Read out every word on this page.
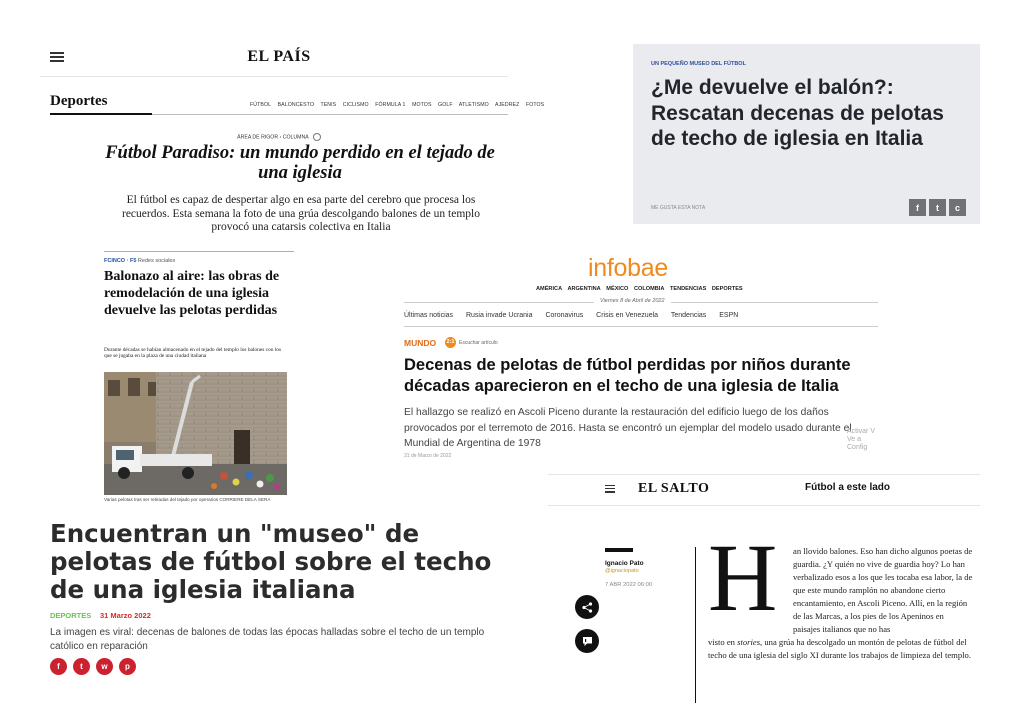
EL PAÍS
Deportes	FÚTBOL BALONCESTO TENIS CICLISMO FÓRMULA 1 MOTOS GOLF ATLETISMO AJEDREZ FOTOS
ÁREA DE RIGOR › COLUMNA
Fútbol Paradiso: un mundo perdido en el tejado de una iglesia
El fútbol es capaz de despertar algo en esa parte del cerebro que procesa los recuerdos. Esta semana la foto de una grúa descolgando balones de un templo provocó una catarsis colectiva en Italia
FCINCO · F5 Redes sociales
Balonazo al aire: las obras de remodelación de una iglesia devuelve las pelotas perdidas
Durante décadas se habían almacenado en el tejado del templo los balones con los que se jugaba en la plaza de una ciudad italiana
Varias pelotas tras ser retiradas del tejado por operarios CORRIERE DELA SERA
UN PEQUEÑO MUSEO DEL FÚTBOL
¿Me devuelve el balón?: Rescatan decenas de pelotas de techo de iglesia en Italia
ME GUSTA ESTA NOTA	f	t	c
infobae
AMÉRICA ARGENTINA MÉXICO COLOMBIA TENDENCIAS DEPORTES
Viernes 8 de Abril de 2022
Últimas noticias Rusia invade Ucrania Coronavirus Crisis en Venezuela Tendencias ESPN
MUNDO 2:1 Escuchar artículo
Decenas de pelotas de fútbol perdidas por niños durante décadas aparecieron en el techo de una iglesia de Italia
El hallazgo se realizó en Ascoli Piceno durante la restauración del edificio luego de los daños provocados por el terremoto de 2016. Hasta se encontró un ejemplar del modelo usado durante el Mundial de Argentina de 1978
31 de Marzo de 2022
Activar V
Ve a Config
EL SALTO	Fútbol a este lado
Ignacio Pato
@ignaciopato
7 ABR 2022 06:00 H an llovido balones. Eso han dicho algunos poetas de guardia. ¿Y quién no vive de guardia hoy? Lo han verbalizado esos a los que les tocaba esa labor, la de que este mundo ramplón no abandone cierto encantamiento, en Ascoli Piceno. Allí, en la región de las Marcas, a los pies de los Apeninos en paisajes italianos que no has
visto en stories, una grúa ha descolgado un montón de pelotas de fútbol del techo de una iglesia del siglo XI durante los trabajos de limpieza del templo.
Encuentran un "museo" de pelotas de fútbol sobre el techo de una iglesia italiana
DEPORTES 31 Marzo 2022
La imagen es viral: decenas de balones de todas las épocas halladas sobre el techo de un templo católico en reparación
f	t	w	p
